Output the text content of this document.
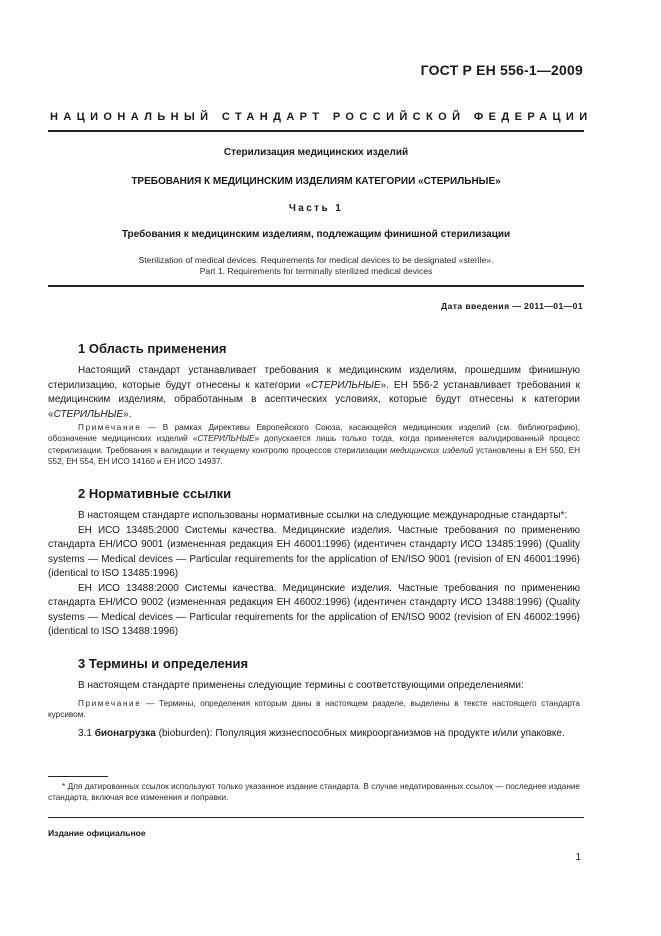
ГОСТ Р ЕН 556-1—2009
НАЦИОНАЛЬНЫЙ СТАНДАРТ РОССИЙСКОЙ ФЕДЕРАЦИИ
Стерилизация медицинских изделий
ТРЕБОВАНИЯ К МЕДИЦИНСКИМ ИЗДЕЛИЯМ КАТЕГОРИИ «СТЕРИЛЬНЫЕ»
Часть 1
Требования к медицинским изделиям, подлежащим финишной стерилизации
Sterilization of medical devices. Requirements for medical devices to be designated «sterile».
Part 1. Requirements for terminally sterilized medical devices
Дата введения — 2011—01—01
1 Область применения

Настоящий стандарт устанавливает требования к медицинским изделиям, прошедшим финишную стерилизацию, которые будут отнесены к категории «СТЕРИЛЬНЫЕ». ЕН 556-2 устанавливает требования к медицинским изделиям, обработанным в асептических условиях, которые будут отнесены к категории «СТЕРИЛЬНЫЕ».

Примечание — В рамках Директивы Европейского Союза, касающейся медицинских изделий (см. библиографию), обозначение медицинских изделий «СТЕРИЛЬНЫЕ» допускается лишь только тогда, когда применяется валидированный процесс стерилизации. Требования к валидации и текущему контролю процессов стерилизации медицинских изделий установлены в ЕН 550, ЕН 552, ЕН 554, ЕН ИСО 14160 и ЕН ИСО 14937.

2 Нормативные ссылки

В настоящем стандарте использованы нормативные ссылки на следующие международные стандарты*:

ЕН ИСО 13485:2000 Системы качества. Медицинские изделия. Частные требования по применению стандарта ЕН/ИСО 9001 (измененная редакция ЕН 46001:1996) (идентичен стандарту ИСО 13485:1996) (Quality systems — Medical devices — Particular requirements for the application of EN/ISO 9001 (revision of EN 46001:1996) (identical to ISO 13485:1996)

ЕН ИСО 13488:2000 Системы качества. Медицинские изделия. Частные требования по применению стандарта ЕН/ИСО 9002 (измененная редакция ЕН 46002:1996) (идентичен стандарту ИСО 13488:1996) (Quality systems — Medical devices — Particular requirements for the application of EN/ISO 9002 (revision of EN 46002:1996) (identical to ISO 13488:1996)

3 Термины и определения

В настоящем стандарте применены следующие термины с соответствующими определениями:

Примечание — Термины, определения которым даны в настоящем разделе, выделены в тексте настоящего стандарта курсивом.

3.1 бионагрузка (bioburden): Популяция жизнеспособных микроорганизмов на продукте и/или упаковке.

* Для датированных ссылок используют только указанное издание стандарта. В случае недатированных ссылок — последнее издание стандарта, включая все изменения и поправки.

Издание официальное
1
